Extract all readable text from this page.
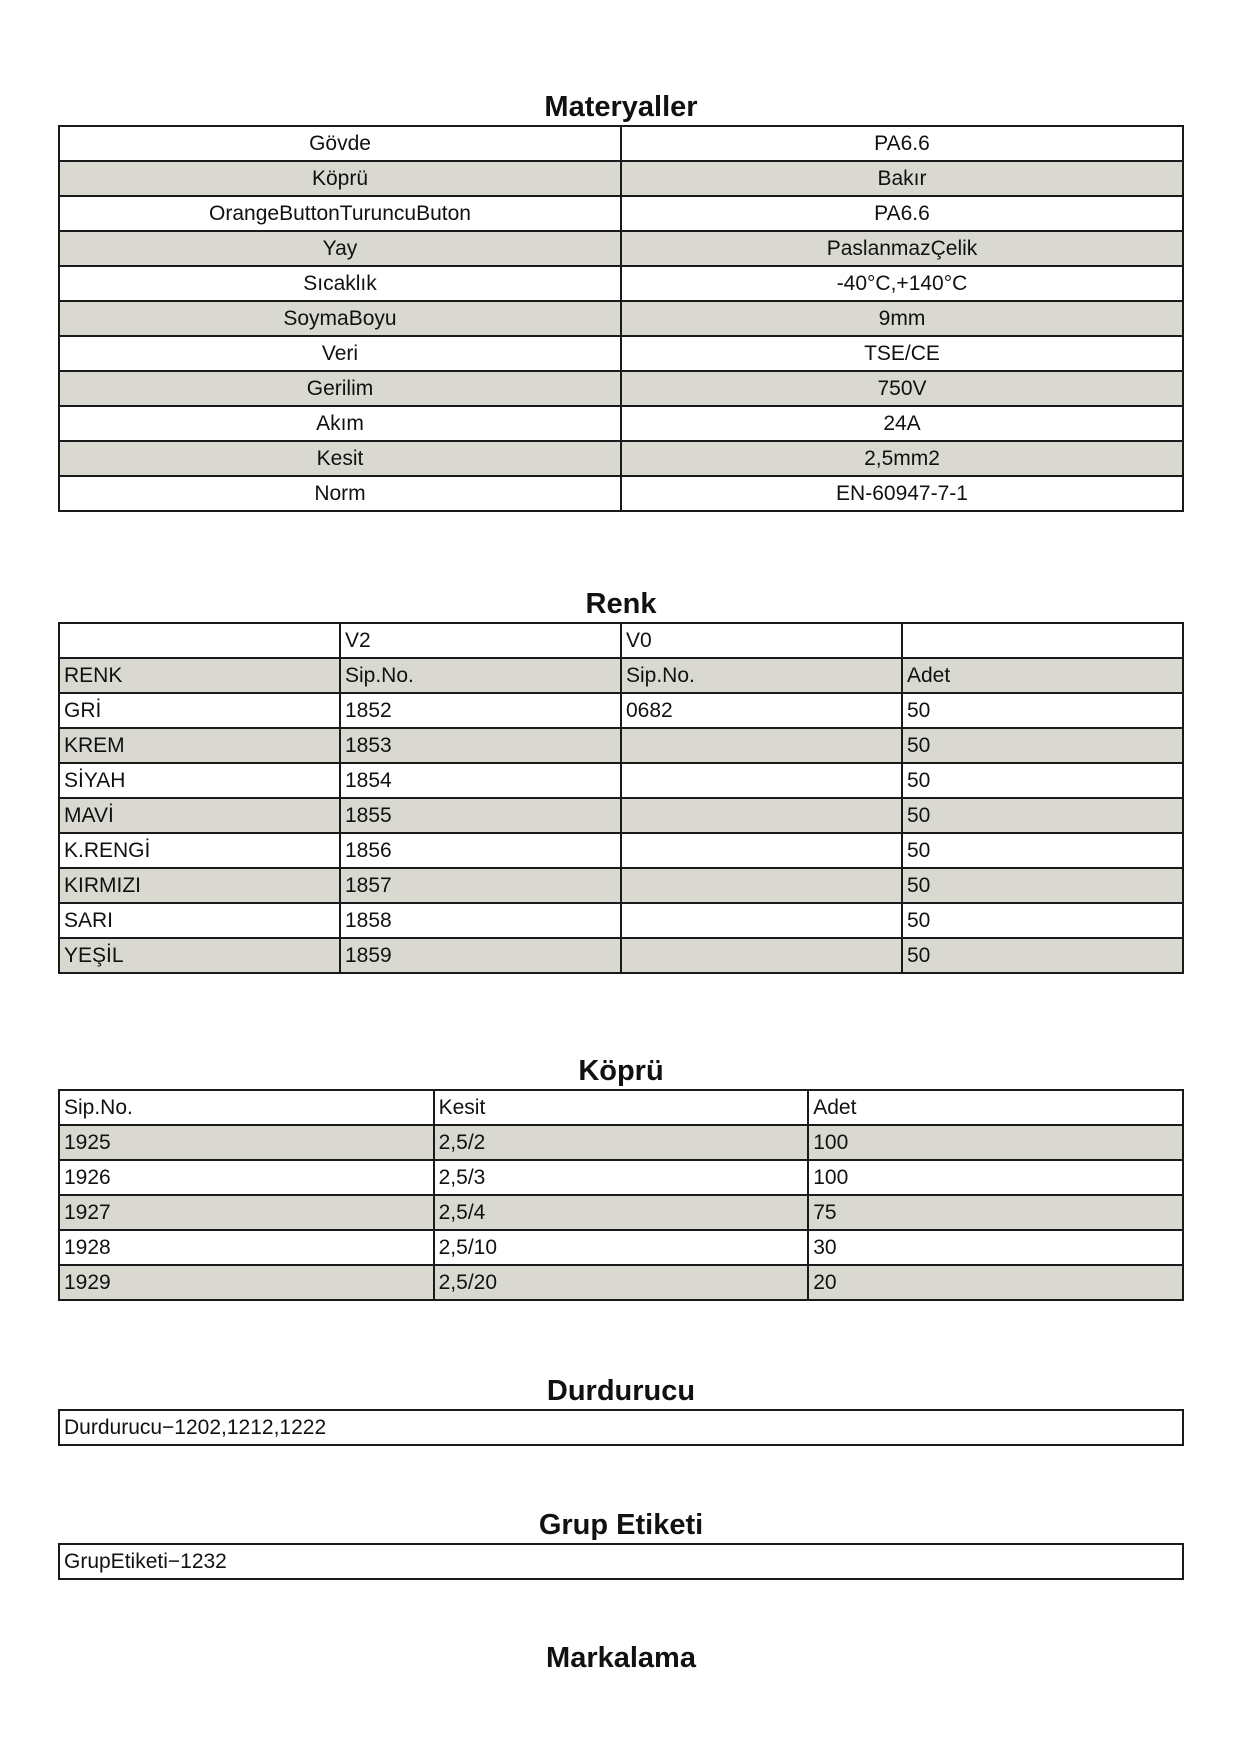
Materyaller
Gövde	PA6.6
Köprü	Bakır
OrangeButtonTuruncuButon	PA6.6
Yay	PaslanmazÇelik
Sıcaklık	-40°C,+140°C
SoymaBoyu	9mm
Veri	TSE/CE
Gerilim	750V
Akım	24A
Kesit	2,5mm2
Norm	EN-60947-7-1
Renk
	V2	V0	
RENK	Sip.No.	Sip.No.	Adet
GRİ	1852	0682	50
KREM	1853		50
SİYAH	1854		50
MAVİ	1855		50
K.RENGİ	1856		50
KIRMIZI	1857		50
SARI	1858		50
YEŞİL	1859		50
Köprü
Sip.No.	Kesit	Adet
1925	2,5/2	100
1926	2,5/3	100
1927	2,5/4	75
1928	2,5/10	30
1929	2,5/20	20
Durdurucu
Durdurucu−1202,1212,1222
Grup Etiketi
GrupEtiketi−1232
Markalama
